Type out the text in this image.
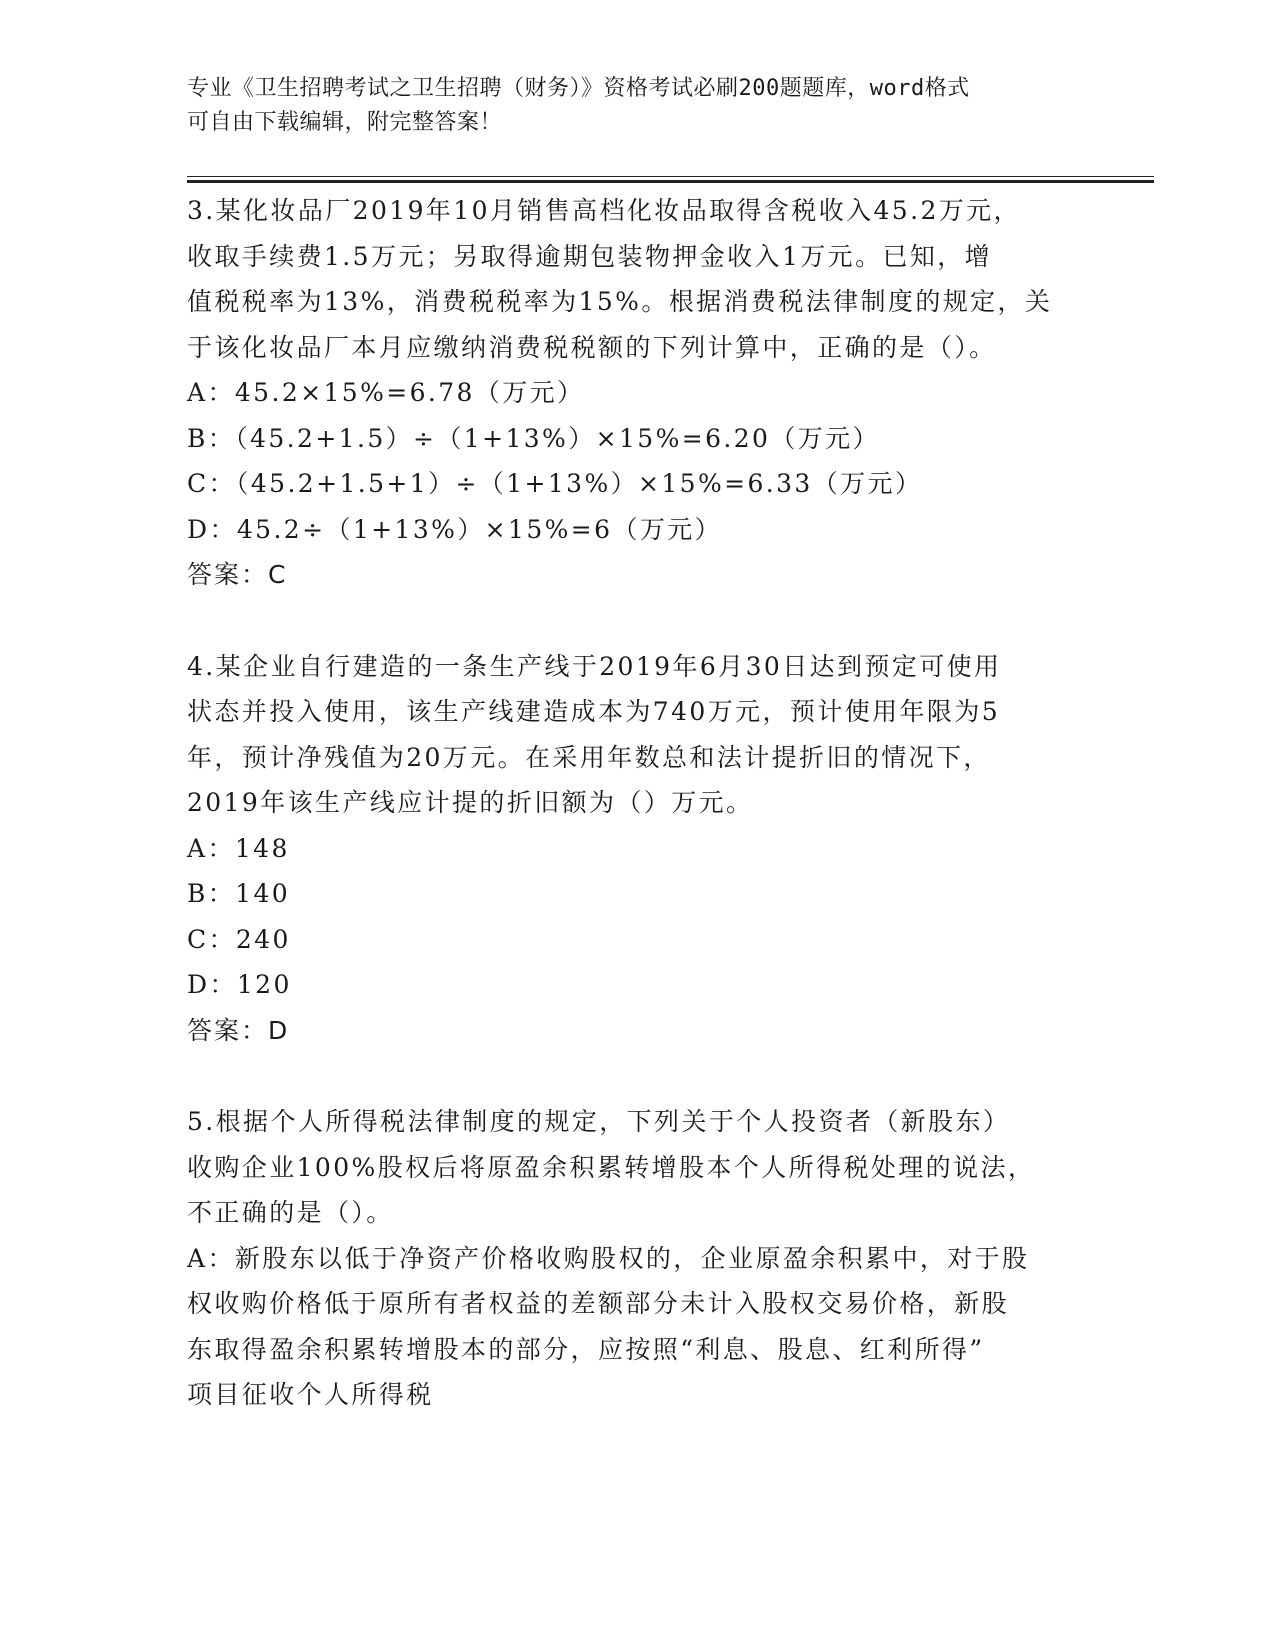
专业《卫生招聘考试之卫生招聘（财务）》资格考试必刷200题题库，word格式
可自由下载编辑，附完整答案！
3.某化妆品厂2019年10月销售高档化妆品取得含税收入45.2万元，
收取手续费1.5万元；另取得逾期包装物押金收入1万元。已知，增
值税税率为13%，消费税税率为15%。根据消费税法律制度的规定，关
于该化妆品厂本月应缴纳消费税税额的下列计算中，正确的是（）。
A：45.2×15%=6.78（万元）
B：（45.2+1.5）÷（1+13%）×15%=6.20（万元）
C：（45.2+1.5+1）÷（1+13%）×15%=6.33（万元）
D：45.2÷（1+13%）×15%=6（万元）
答案：C
4.某企业自行建造的一条生产线于2019年6月30日达到预定可使用
状态并投入使用，该生产线建造成本为740万元，预计使用年限为5
年，预计净残值为20万元。在采用年数总和法计提折旧的情况下，
2019年该生产线应计提的折旧额为（）万元。
A：148
B：140
C：240
D：120
答案：D
5.根据个人所得税法律制度的规定，下列关于个人投资者（新股东）
收购企业100%股权后将原盈余积累转增股本个人所得税处理的说法，
不正确的是（）。
A：新股东以低于净资产价格收购股权的，企业原盈余积累中，对于股
权收购价格低于原所有者权益的差额部分未计入股权交易价格，新股
东取得盈余积累转增股本的部分，应按照“利息、股息、红利所得”
项目征收个人所得税
